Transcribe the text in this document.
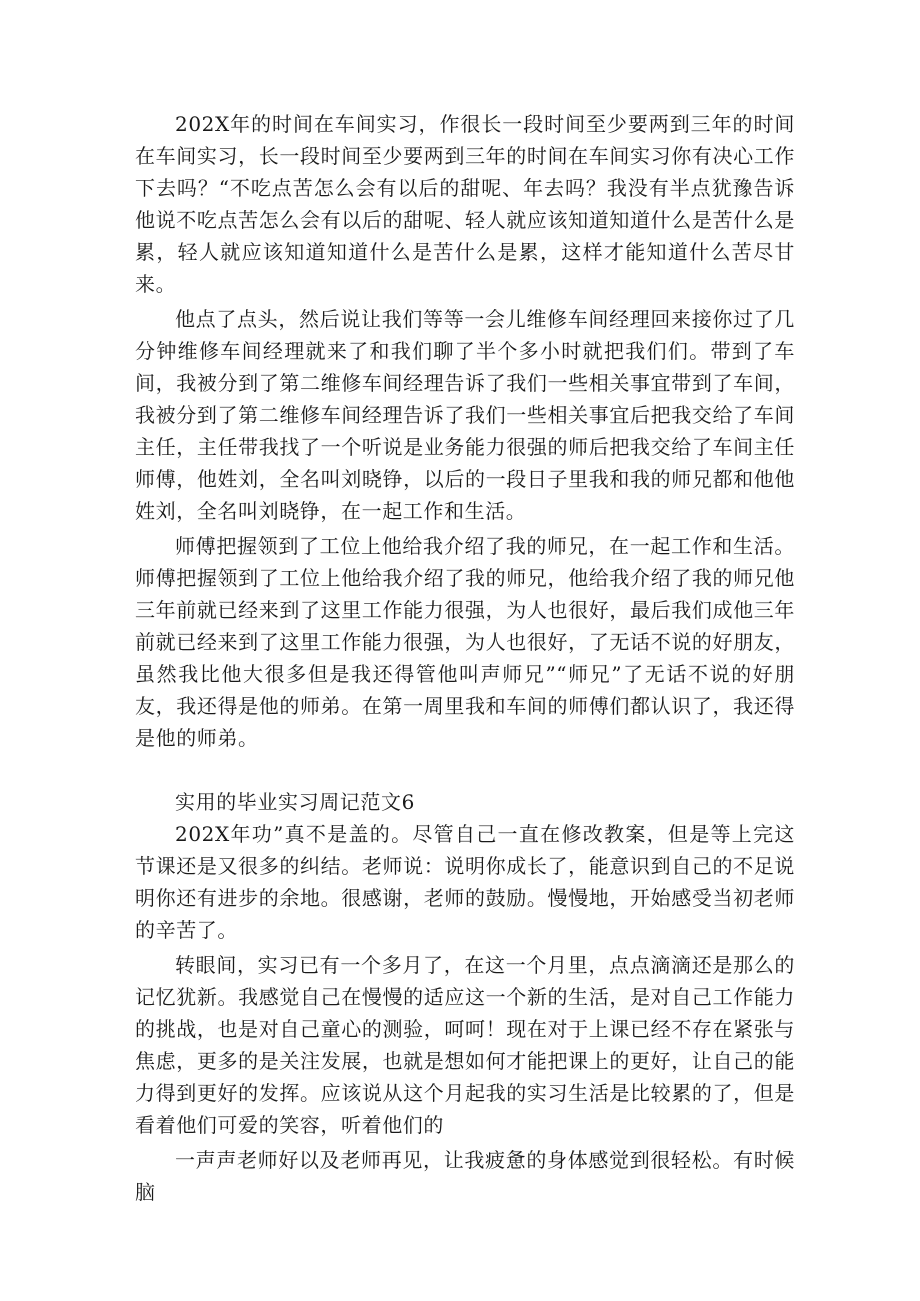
202X年的时间在车间实习，作很长一段时间至少要两到三年的时间在车间实习，长一段时间至少要两到三年的时间在车间实习你有决心工作下去吗？“不吃点苦怎么会有以后的甜呢、年去吗？我没有半点犹豫告诉他说不吃点苦怎么会有以后的甜呢、轻人就应该知道知道什么是苦什么是累，轻人就应该知道知道什么是苦什么是累，这样才能知道什么苦尽甘来。

他点了点头，然后说让我们等等一会儿维修车间经理回来接你过了几分钟维修车间经理就来了和我们聊了半个多小时就把我们们。带到了车间，我被分到了第二维修车间经理告诉了我们一些相关事宜带到了车间，我被分到了第二维修车间经理告诉了我们一些相关事宜后把我交给了车间主任，主任带我找了一个听说是业务能力很强的师后把我交给了车间主任师傅，他姓刘，全名叫刘晓铮，以后的一段日子里我和我的师兄都和他他姓刘，全名叫刘晓铮，在一起工作和生活。

师傅把握领到了工位上他给我介绍了我的师兄，在一起工作和生活。师傅把握领到了工位上他给我介绍了我的师兄，他给我介绍了我的师兄他三年前就已经来到了这里工作能力很强，为人也很好，最后我们成他三年前就已经来到了这里工作能力很强，为人也很好，了无话不说的好朋友，虽然我比他大很多但是我还得管他叫声师兄”“师兄”了无话不说的好朋友，我还得是他的师弟。在第一周里我和车间的师傅们都认识了，我还得是他的师弟。

实用的毕业实习周记范文6

202X年功”真不是盖的。尽管自己一直在修改教案，但是等上完这节课还是又很多的纠结。老师说：说明你成长了，能意识到自己的不足说明你还有进步的余地。很感谢，老师的鼓励。慢慢地，开始感受当初老师的辛苦了。

转眼间，实习已有一个多月了，在这一个月里，点点滴滴还是那么的记忆犹新。我感觉自己在慢慢的适应这一个新的生活，是对自己工作能力的挑战，也是对自己童心的测验，呵呵！现在对于上课已经不存在紧张与焦虑，更多的是关注发展，也就是想如何才能把课上的更好，让自己的能力得到更好的发挥。应该说从这个月起我的实习生活是比较累的了，但是看着他们可爱的笑容，听着他们的

一声声老师好以及老师再见，让我疲惫的身体感觉到很轻松。有时候脑
